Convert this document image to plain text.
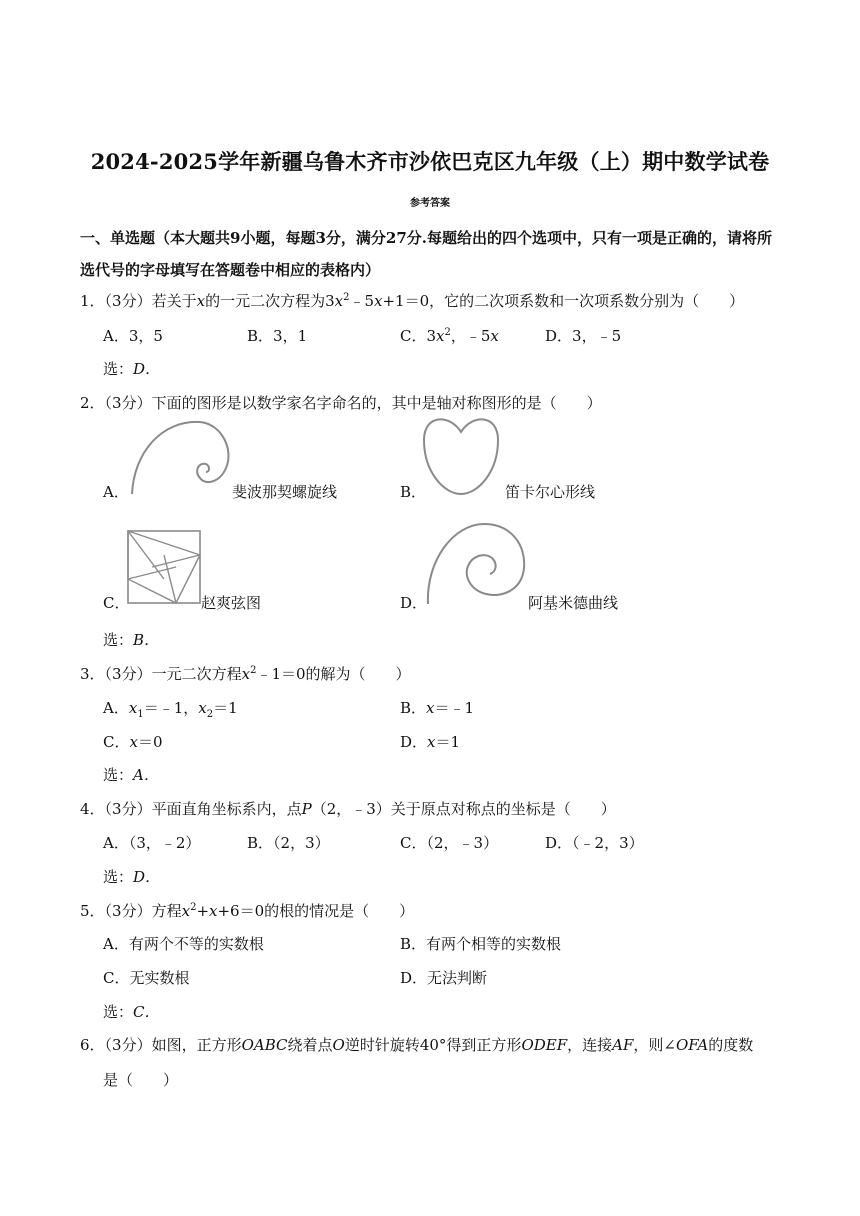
2024-2025学年新疆乌鲁木齐市沙依巴克区九年级（上）期中数学试卷
参考答案
一、单选题（本大题共9小题，每题3分，满分27分.每题给出的四个选项中，只有一项是正确的，请将所选代号的字母填写在答题卷中相应的表格内）
1．（3分）若关于x的一元二次方程为$3x^2﹣5x+1=0$，它的二次项系数和一次项系数分别为（　　）
A．3，5	B．3，1	C．$3x^2$，﹣5x	D．3，﹣5
选：D．
2．（3分）下面的图形是以数学家名字命名的，其中是轴对称图形的是（　　）
A．	斐波那契螺旋线	B．	笛卡尔心形线
C．	赵爽弦图	D．	阿基米德曲线
选：B．
3．（3分）一元二次方程$x^2﹣1=0$的解为（　　）
A．$x_1=﹣1$，$x_2=1$	B．x＝﹣1
C．x＝0	D．x＝1
选：A．
4．（3分）平面直角坐标系内，点P（2，﹣3）关于原点对称点的坐标是（　　）
A．（3，﹣2）	B．（2，3）	C．（2，﹣3）	D．（﹣2，3）
选：D．
5．（3分）方程$x^2+x+6=0$的根的情况是（　　）
A．有两个不等的实数根	B．有两个相等的实数根
C．无实数根	D．无法判断
选：C．
6．（3分）如图，正方形OABC绕着点O逆时针旋转40°得到正方形ODEF，连接AF，则∠OFA的度数
是（　　）
